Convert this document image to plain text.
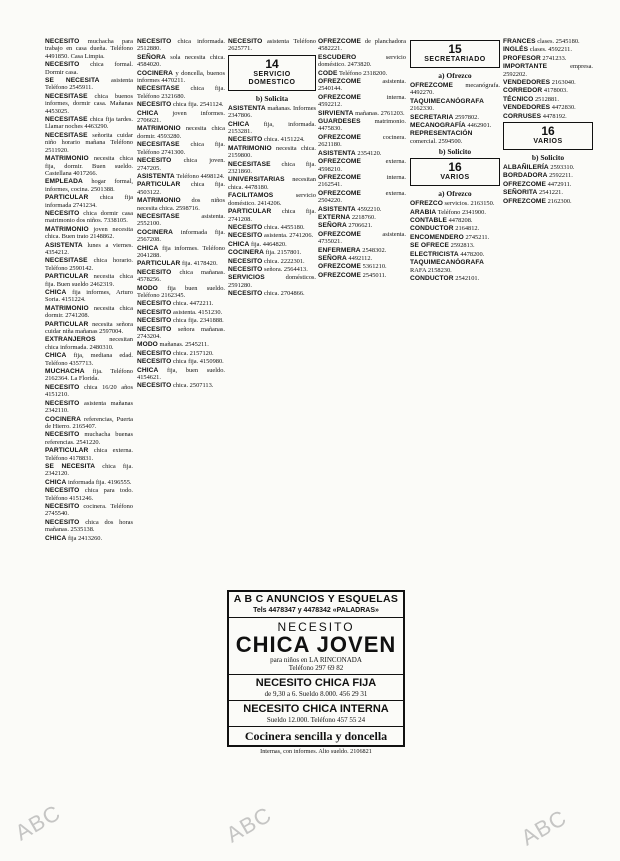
NECESITO muchacha para trabajo en casa dueña. Teléfono 4491850. Casa Limpia.
NECESITO chica formal. Dormir casa.
SE NECESITA asistenta Teléfono 2545911.
NECESITASE chica buenos informes, dormir casa. Mañanas 4453025.
NECESITASE chica fija tardes. Llamar noches 4463290.
NECESITASE señorita cuidar niño horario mañana Teléfono 2511920.
MATRIMONIO necesita chica fija, dormir. Buen sueldo. Castellana 4017266.
EMPLEADA hogar formal, informes, cocina. 2501388.
PARTICULAR chica fija informada 2741234.
NECESITO chica dormir casa matrimonio dos niños. 7338105.
MATRIMONIO joven necesita chica. Buen trato 2148862.
ASISTENTA lunes a viernes. 4354212.
NECESITASE chica horario. Teléfono 2590142.
PARTICULAR necesita chica fija. Buen sueldo 2462319.
CHICA fija informes, Arturo Soria. 4151224.
MATRIMONIO necesita chica dormir. 2741208.
PARTICULAR necesita señora cuidar niña mañanas 2597004.
EXTRANJEROS necesitan chica informada. 2480310.
CHICA fija, mediana edad. Teléfono 4357713.
MUCHACHA fija. Teléfono 2162364. La Florida.
NECESITO chica 16/20 años 4151210.
NECESITO asistenta mañanas 2342110.
COCINERA referencias, Puerta de Hierro. 2165407.
NECESITO muchacha buenas referencias. 2541220.
PARTICULAR chica externa. Teléfono 4178831.
SE NECESITA chica fija. 2342120.
CHICA informada fija. 4196555.
NECESITO chica para todo. Teléfono 4151246.
NECESITO cocinera. Teléfono 2745540.
NECESITO chica dos horas mañanas. 2535138.
CHICA fija 2413260.
NECESITO chica informada. 2512880.
SEÑORA sola necesita chica. 4584020.
COCINERA y doncella, buenos informes 4470211.
NECESITASE chica fija. Teléfono 2321680.
NECESITO chica fija. 2541124.
CHICA joven informes. 2706621.
MATRIMONIO necesita chica dormir. 4593280.
NECESITASE chica fija. Teléfono 2741300.
NECESITO chica joven. 2747205.
ASISTENTA Teléfono 4498124.
PARTICULAR chica fija. 4503122.
MATRIMONIO dos niños necesita chica. 2598716.
NECESITASE	asistenta. 2552100.
COCINERA informada fija. 2567208.
CHICA fija informes. Teléfono 2041288.
PARTICULAR fija. 4178420.
NECESITO chica mañanas. 4578256.
MODO fija buen sueldo. Teléfono 2162345.
NECESITO chica. 4472211.
NECESITO asistenta. 4151230.
NECESITO chica fija. 2341888.
NECESITO señora mañanas. 2743204.
MODO mañanas. 2545211.
NECESITO chica. 2157120.
NECESITO chica fija. 4150980.
CHICA fija, buen sueldo. 4154621.
NECESITO chica. 2507113.
NECESITO asistenta Teléfono 2625771.
14
SERVICIO DOMESTICO
b) Solicita
ASISTENTA mañanas. Informes 2347806.
CHICA fija, informada. 2153281.
NECESITO chica. 4151224.
MATRIMONIO necesita chica. 2159800.
NECESITASE chica fija. 2321860.
UNIVERSITARIAS necesitan chica. 4478180.
FACILITAMOS	servicio doméstico. 2414206.
PARTICULAR chica fija. 2741208.
NECESITO chica. 4455180.
NECESITO asistenta. 2741206.
CHICA fija. 4464820.
COCINERA fija. 2157801.
NECESITO chica. 2222301.
NECESITO señora. 2564413.
SERVICIOS	domésticos. 2591280.
NECESITO chica. 2704866.
OFREZCOME de planchadora 4582221.
ESCUDERO	servicio doméstico. 2473820.
CODE Teléfono 2318200.
OFREZCOME	asistenta. 2540144.
OFREZCOME	interna. 4592212.
SIRVIENTA mañanas. 2761203.
GUARDESES matrimonio. 4475830.
OFREZCOME	cocinera. 2621180.
ASISTENTA 2354120.
OFREZCOME	externa. 4598210.
OFREZCOME	interna. 2162541.
OFREZCOME	externa. 2504220.
ASISTENTA 4592210.
EXTERNA 2218760.
SEÑORA 2706621.
OFREZCOME	asistenta. 4735021.
ENFERMERA 2548302.
SEÑORA 4492112.
OFREZCOME 5361210.
OFREZCOME 2545011.
15
SECRETARIADO
a) Ofrezco
OFREZCOME mecanógrafa. 4492270.
TAQUIMECANÓGRAFA 2162330.
SECRETARIA 2597802.
MECANOGRAFÍA 4462901.
REPRESENTACIÓN comercial. 2594500.
b) Solicito
16
VARIOS
a) Ofrezco
OFREZCO servicios. 2163150.
ARABIA Teléfono 2341900.
CONTABLE 4478208.
CONDUCTOR 2164812.
ENCOMENDERO 2745211.
SE OFRECE 2592813.
ELECTRICISTA 4478200.
TAQUIMECANÓGRAFA RAFA 2158230.
CONDUCTOR 2542101.
FRANCÉS clases. 2545180.
INGLÉS clases. 4592211.
PROFESOR 2741233.
IMPORTANTE	empresa. 2592202.
VENDEDORES 2163040.
CORREDOR 4178003.
TÉCNICO 2512881.
VENDEDORES 4472830.
CORRUSES 4478192.
16
VARIOS
b) Solicito
ALBAÑILERÍA 2593310.
BORDADORA 2592211.
OFREZCOME 4472911.
SEÑORITA 2541221.
OFREZCOME 2162300.
A B C ANUNCIOS Y ESQUELAS
Tels 4478347 y 4478342 «PALADRAS»
NECESITO
CHICA JOVEN
para niños en LA RINCONADA
Teléfono 297 69 82
NECESITO CHICA FIJA
de 9,30 a 6. Sueldo 8.000. 456 29 31
NECESITO CHICA INTERNA
Sueldo 12.000. Teléfono 457 55 24
Cocinera sencilla y doncella
Internas, con informes. Alto sueldo. 2106821
ABC	ABC	ABC
